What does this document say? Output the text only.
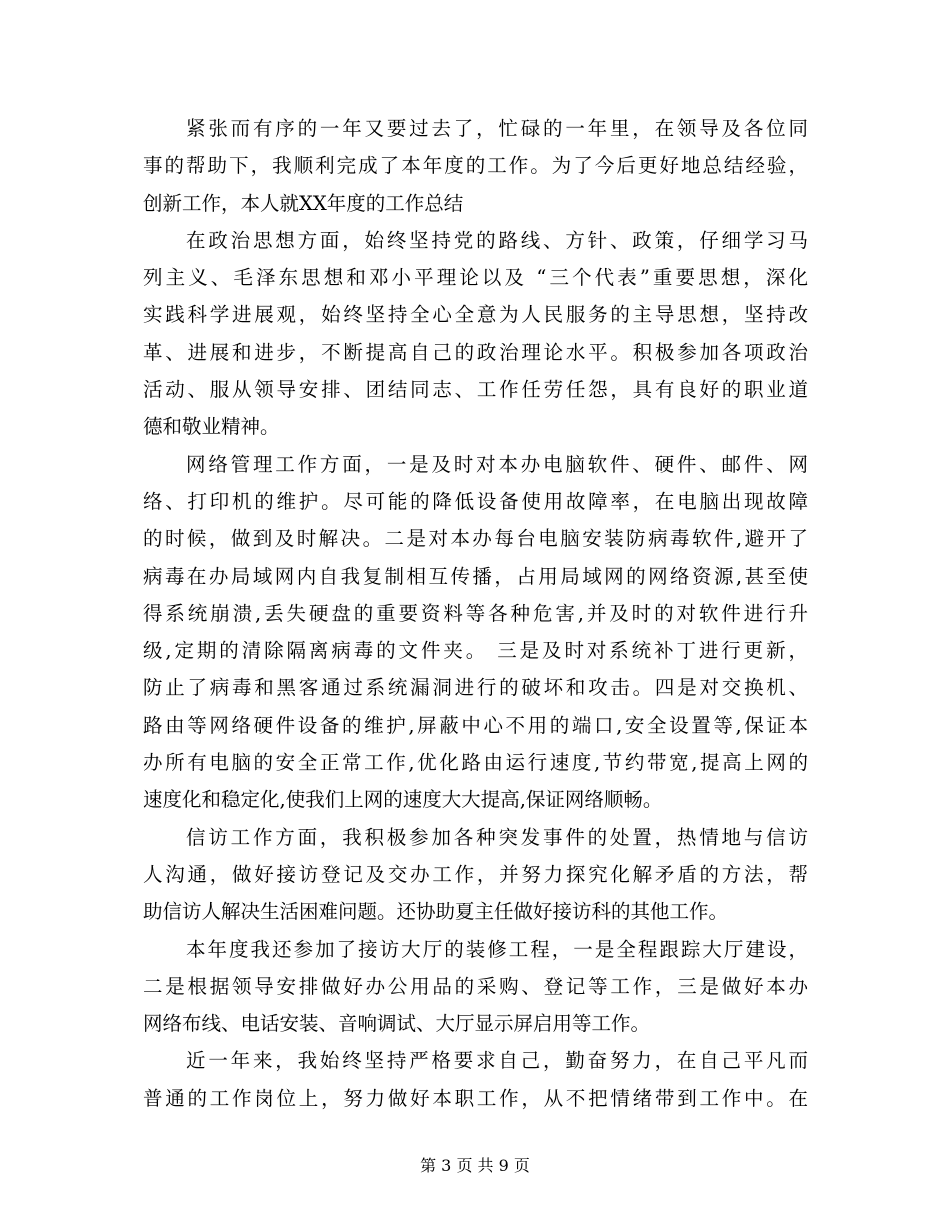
紧张而有序的一年又要过去了，忙碌的一年里，在领导及各位同
事的帮助下，我顺利完成了本年度的工作。为了今后更好地总结经验，
创新工作，本人就XX年度的工作总结
在政治思想方面，始终坚持党的路线、方针、政策，仔细学习马
列主义、毛泽东思想和邓小平理论以及 “三个代表”重要思想，深化
实践科学进展观，始终坚持全心全意为人民服务的主导思想，坚持改
革、进展和进步，不断提高自己的政治理论水平。积极参加各项政治
活动、服从领导安排、团结同志、工作任劳任怨，具有良好的职业道
德和敬业精神。
网络管理工作方面，一是及时对本办电脑软件、硬件、邮件、网
络、打印机的维护。尽可能的降低设备使用故障率，在电脑出现故障
的时候，做到及时解决。二是对本办每台电脑安装防病毒软件,避开了
病毒在办局域网内自我复制相互传播，占用局域网的网络资源,甚至使
得系统崩溃,丢失硬盘的重要资料等各种危害,并及时的对软件进行升
级,定期的清除隔离病毒的文件夹。 三是及时对系统补丁进行更新，
防止了病毒和黑客通过系统漏洞进行的破坏和攻击。四是对交换机、
路由等网络硬件设备的维护,屏蔽中心不用的端口,安全设置等,保证本
办所有电脑的安全正常工作,优化路由运行速度,节约带宽,提高上网的
速度化和稳定化,使我们上网的速度大大提高,保证网络顺畅。
信访工作方面，我积极参加各种突发事件的处置，热情地与信访
人沟通，做好接访登记及交办工作，并努力探究化解矛盾的方法，帮
助信访人解决生活困难问题。还协助夏主任做好接访科的其他工作。
本年度我还参加了接访大厅的装修工程，一是全程跟踪大厅建设，
二是根据领导安排做好办公用品的采购、登记等工作，三是做好本办
网络布线、电话安装、音响调试、大厅显示屏启用等工作。
近一年来，我始终坚持严格要求自己，勤奋努力，在自己平凡而
普通的工作岗位上，努力做好本职工作，从不把情绪带到工作中。在
第 3 页 共 9 页
